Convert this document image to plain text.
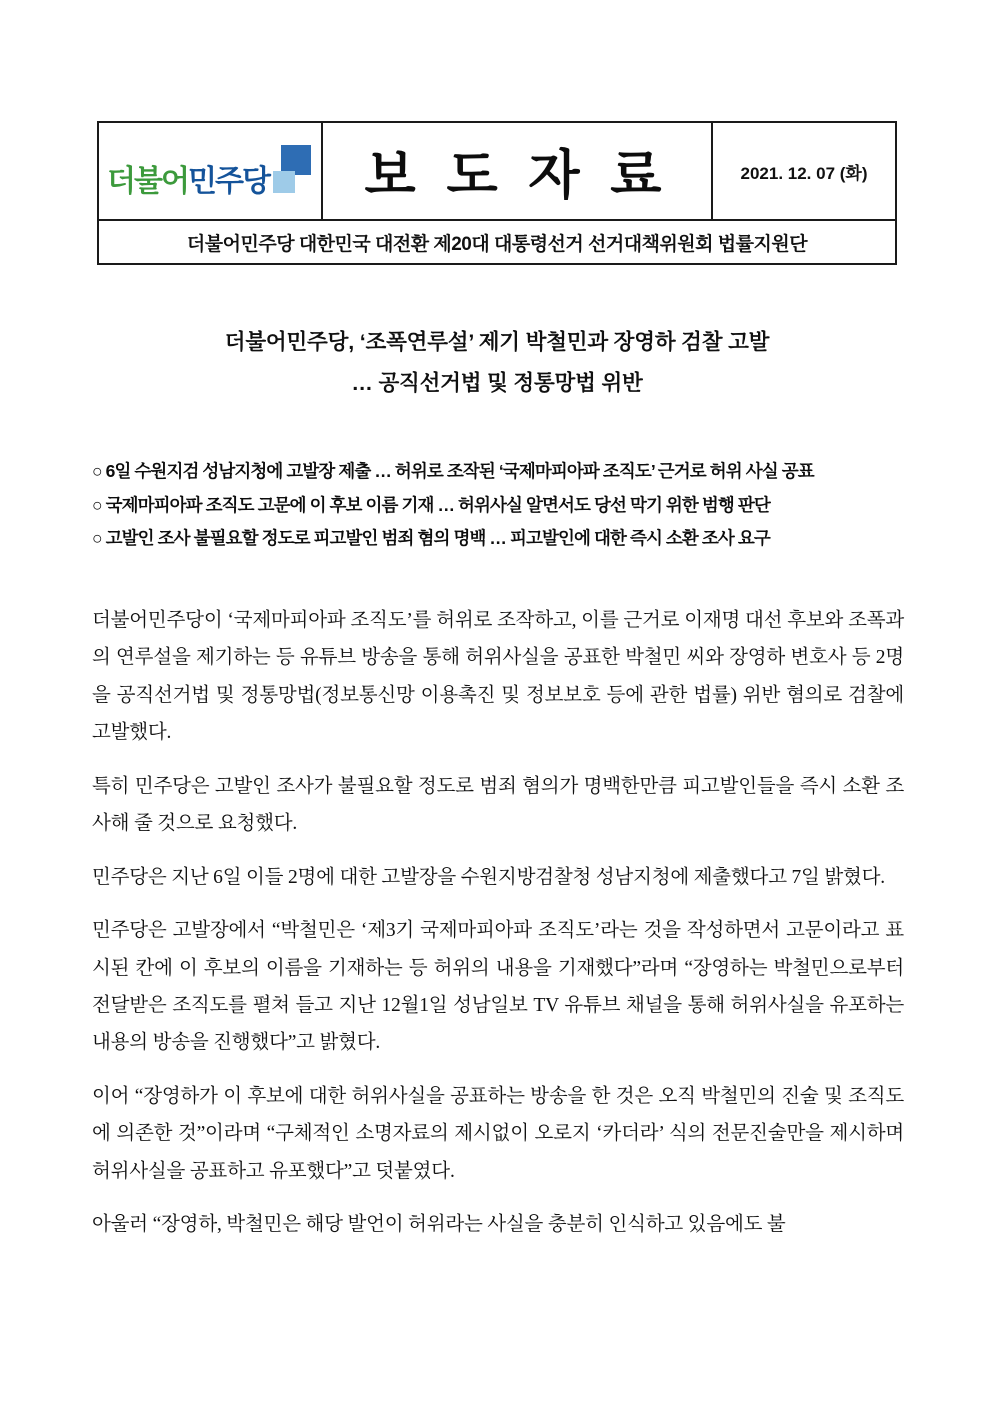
더불어민주당 보 도 자 료	2021. 12. 07 (화)
더불어민주당 대한민국 대전환 제20대 대통령선거 선거대책위원회 법률지원단
더불어민주당, ‘조폭연루설’ 제기 박철민과 장영하 검찰 고발
… 공직선거법 및 정통망법 위반
○ 6일 수원지검 성남지청에 고발장 제출 … 허위로 조작된 ‘국제마피아파 조직도’ 근거로 허위 사실 공표
○ 국제마피아파 조직도 고문에 이 후보 이름 기재 … 허위사실 알면서도 당선 막기 위한 범행 판단
○ 고발인 조사 불필요할 정도로 피고발인 범죄 혐의 명백 … 피고발인에 대한 즉시 소환 조사 요구

더불어민주당이 ‘국제마피아파 조직도’를 허위로 조작하고, 이를 근거로 이재명 대선 후보와 조폭과의 연루설을 제기하는 등 유튜브 방송을 통해 허위사실을 공표한 박철민 씨와 장영하 변호사 등 2명을 공직선거법 및 정통망법(정보통신망 이용촉진 및 정보보호 등에 관한 법률) 위반 혐의로 검찰에 고발했다.

특히 민주당은 고발인 조사가 불필요할 정도로 범죄 혐의가 명백한만큼 피고발인들을 즉시 소환 조사해 줄 것으로 요청했다.

민주당은 지난 6일 이들 2명에 대한 고발장을 수원지방검찰청 성남지청에 제출했다고 7일 밝혔다.

민주당은 고발장에서 “박철민은 ‘제3기 국제마피아파 조직도’라는 것을 작성하면서 고문이라고 표시된 칸에 이 후보의 이름을 기재하는 등 허위의 내용을 기재했다”라며 “장영하는 박철민으로부터 전달받은 조직도를 펼쳐 들고 지난 12월1일 성남일보 TV 유튜브 채널을 통해 허위사실을 유포하는 내용의 방송을 진행했다”고 밝혔다.

이어 “장영하가 이 후보에 대한 허위사실을 공표하는 방송을 한 것은 오직 박철민의 진술 및 조직도에 의존한 것”이라며 “구체적인 소명자료의 제시없이 오로지 ‘카더라’ 식의 전문진술만을 제시하며 허위사실을 공표하고 유포했다”고 덧붙였다.

아울러 “장영하, 박철민은 해당 발언이 허위라는 사실을 충분히 인식하고 있음에도 불
